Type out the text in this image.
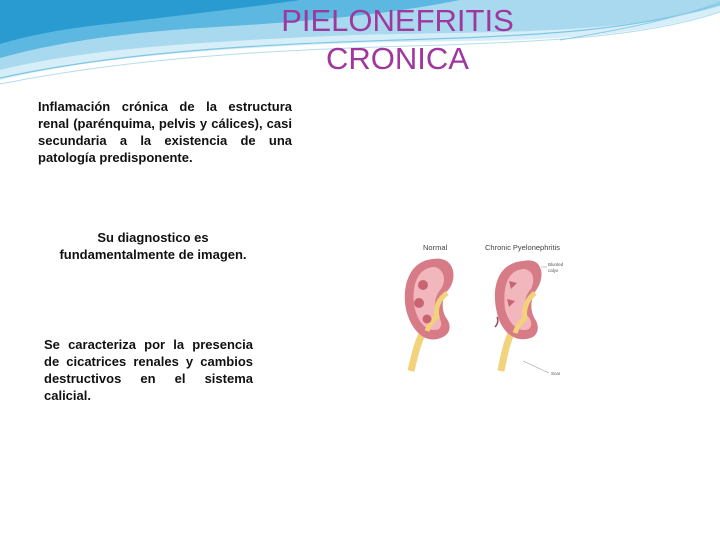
PIELONEFRITIS
CRONICA
Inflamación crónica de la estructura renal (parénquima, pelvis y cálices), casi secundaria a la existencia de una patología predisponente.
Su diagnostico es fundamentalmente de imagen.
Se caracteriza por la presencia de cicatrices renales y cambios destructivos en el sistema calicial.
Normal	Chronic Pyelonephritis
Blunted
calyx
Scar
